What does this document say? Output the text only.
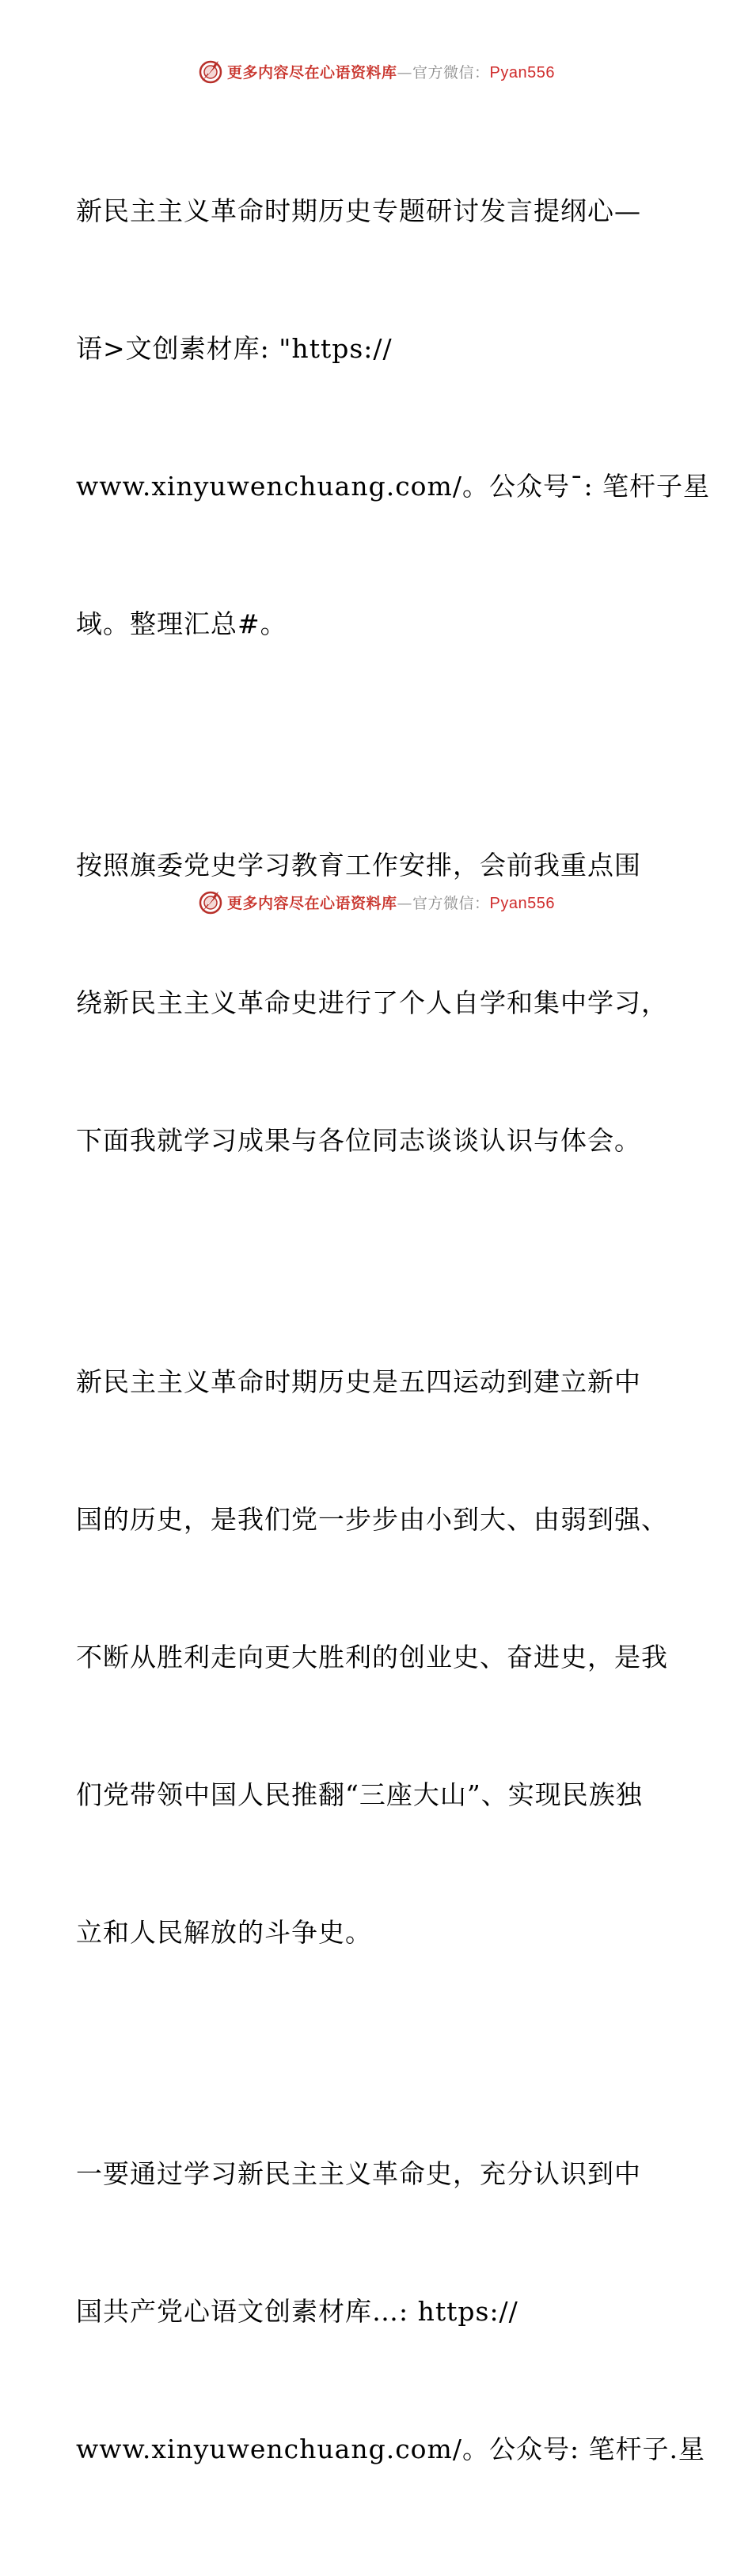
更多内容尽在心语资料库—官方微信：Pyan556

新民主主义革命时期历史专题研讨发言提纲心—

语>文创素材库: "https://

www.xinyuwenchuang.com/。公众号¯: 笔杆子星

域。整理汇总#。

按照旗委党史学习教育工作安排，会前我重点围

绕新民主主义革命史进行了个人自学和集中学习，

下面我就学习成果与各位同志谈谈认识与体会。

新民主主义革命时期历史是五四运动到建立新中

国的历史，是我们党一步步由小到大、由弱到强、

不断从胜利走向更大胜利的创业史、奋进史，是我

们党带领中国人民推翻“三座大山”、实现民族独

立和人民解放的斗争史。

一要通过学习新民主主义革命史，充分认识到中

国共产党心语文创素材库…: https://

www.xinyuwenchuang.com/。公众号: 笔杆子.星

更多内容尽在心语资料库—官方微信：Pyan556
